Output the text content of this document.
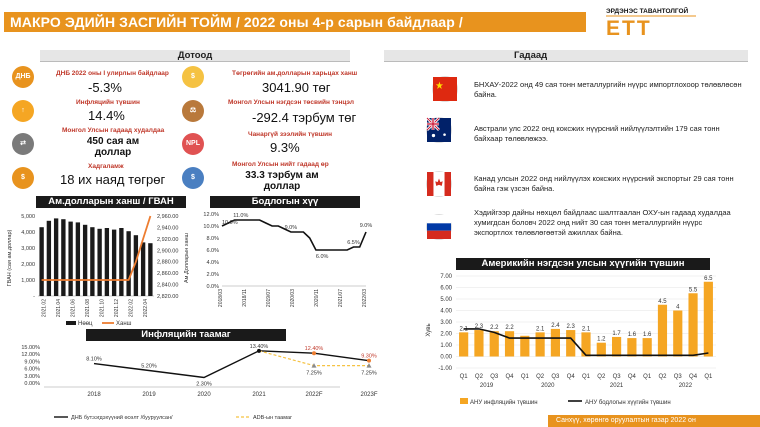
МАКРО ЭДИЙН ЗАСГИЙН ТОЙМ / 2022 оны 4-р сарын байдлаар /
ЭРДЭНЭС ТАВАНТОЛГОЙ
ETT
Дотоод
ДНБ	ДНБ 2022 оны I улирлын байдлаар
-5.3%
↑
Инфляцийн түвшин
14.4%
⇄
Монгол Улсын гадаад худалдаа
450 сая ам доллар
$
Хадгаламж
18 их наяд төгрөг
$	Төгрөгийн ам.долларын харьцах ханш
3041.90 төг
⚖
Монгол Улсын нэгдсэн төсвийн тэнцэл
-292.4 тэрбум төг
NPL
Чанаргүй зээлийн түвшин
9.3%
$
Монгол Улсын нийт гадаад өр
33.3 тэрбум ам доллар
Ам.долларын ханш / ГВАН
-
1,000
2,000
3,000
4,000
5,000
2,820.00
2,840.00
2,860.00
2,880.00
2,900.00
2,920.00
2,940.00
2,960.00
ГВАН (сая ам.доллар)	Ам.Долларын ханш
2021.02 2021.04 2021.06 2021.08 2021.10 2021.12 2022.02 2022.04
Нөөц	Ханш
Бодлогын хүү
0.0%
2.0%
4.0%
6.0%
8.0%
10.0%
12.0%
10.0%
11.0%
9.0%
6.0%
6.5%
9.0%
2018/03	2018/11	2019/07	2020/03	2020/11	2021/07	2022/03
Инфляцийн таамаг
0.00%
3.00%
6.00%
9.00%
12.00%
15.00%
8.10%
5.20%
2.30%
13.40%	12.40%
9.30%
7.25%	7.25%
2018	2019	2020	2021	2022F	2023F
ДНБ бутээгдэхүүний өсөлт /бууруулсан/	ADB-ын таамаг
Гадаад
БНХАУ-2022 онд 49 сая тонн металлургийн нүүрс импортлохоор төлөвлөсөн байна.
Австрали улс 2022 онд коксжих нүүрсний нийлүүлэлтийн 179 сая тонн байхаар төлөвлөжээ.
Канад улсын 2022 онд нийлүүлэх коксжих нүүрсний экспортыг 29 сая тонн байна гэж үзсэн байна.
Хэдийгээр дайны нөхцөл байдлаас шалтгаалан ОХУ-ын гадаад худалдаа хумигдсан боловч 2022 онд нийт 30 сая тонн металлургийн нүүрс экспортлох төлөвлөгөөтэй ажиллах байна.
Америкийн нэгдсэн улсын хүүгийн түвшин
-1.00
0.00
1.00
2.00
3.00
4.00
5.00
6.00
7.00
Хувь	2.1 2.3 2.2 2.2	2.1
2.4 2.3 2.1
1.2
1.7 1.6 1.6
4.5
4
5.5
6.5
Q1 Q2 Q3 Q4 Q1 Q2 Q3 Q4 Q1 Q2 Q3 Q4 Q1 Q2 Q3 Q4 Q1
2019	2020	2021	2022
АНУ инфляцийн түвшин	АНУ бодлогын хүүгийн түвшин
Санхүү, хөрөнгө оруулалтын газар 2022 он
